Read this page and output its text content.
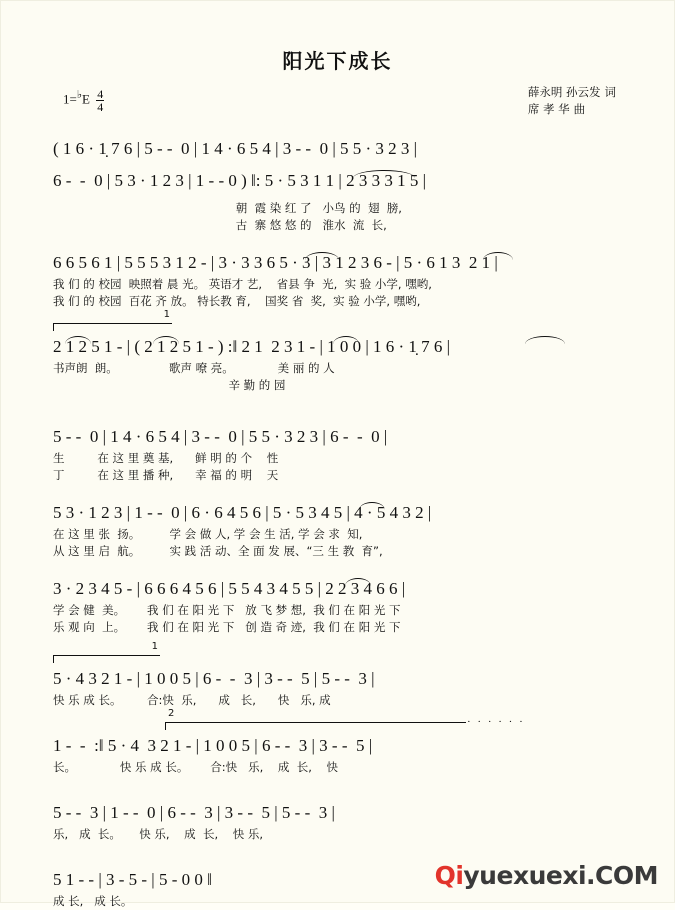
阳光下成长
$1=^♭E \frac{4}{4}$	薛永明 孙云发 词
席 孝 华 曲
( 1 6 · 1̣ 7 6 | 5 - -  0 | 1 4 · 6 5 4 | 3 - -  0 | 5 5 · 3 2 3 |
6 -  -  0 | 5 3 · 1 2 3 | 1 - - 0 ) ‖: 5 · 5 3 1 1 | 2 3 3 3 1 5 |
朝  霞 染 红 了   小鸟 的  翅  膀,
古  寨 悠 悠 的   淮水  流  长,
6 6 5 6 1 | 5 5 5 3 1 2 - | 3 · 3 3 6 5 · 3 | 3 1 2 3 6 - | 5 · 6 1 3  2 1 |
我 们 的 校园  映照着 晨 光。 英语才 艺,    省县 争  光,  实 验 小学, 嘿哟,
我 们 的 校园  百花 齐 放。 特长教 育,    国奖 省  奖,  实 验 小学, 嘿哟,
1
2 1 2 5 1 - | ( 2 1 2 5 1 - ) :‖ 2 1  2 3 1 - | 1 0 0 | 1 6 · 1̣ 7 6 |
书声朗  朗。              歌声 嘹 亮。            美 丽 的 人
辛 勤 的 园
5 - -  0 | 1 4 · 6 5 4 | 3 - -  0 | 5 5 · 3 2 3 | 6 -  -  0 |
生         在 这 里 奠 基,      鲜 明 的 个    性
丁         在 这 里 播 种,      幸 福 的 明    天
5 3 · 1 2 3 | 1 - -  0 | 6 · 6 4 5 6 | 5 · 5 3 4 5 | 4 · 5 4 3 2 |
在 这 里 张  扬。        学 会 做 人, 学 会 生 活, 学 会 求  知,
从 这 里 启  航。        实 践 活 动、全 面 发 展、“三 生 教  育”,
3 · 2 3 4 5 - | 6 6 6 4 5 6 | 5 5 4 3 4 5 5 | 2 2 3 4 6 6 |
学 会 健  美。      我 们 在 阳 光 下   放 飞 梦 想,  我 们 在 阳 光 下
乐 观 向  上。      我 们 在 阳 光 下   创 造 奇 迹,  我 们 在 阳 光 下
1
5 · 4 3 2 1 - | 1 0 0 5 | 6 -  -  3 | 3 - -  5 | 5 - -  3 |
快 乐 成 长。       合:快  乐,      成   长,      快   乐, 成
2
· · · · · ·
1 -  -  :‖ 5 · 4  3 2 1 - | 1 0 0 5 | 6 - -  3 | 3 - -  5 |
长。            快 乐 成 长。      合:快   乐,    成  长,    快
5 - -  3 | 1 - -  0 | 6 - -  3 | 3 - -  5 | 5 - -  3 |
乐,   成  长。     快 乐,    成  长,    快 乐,
5 1 - - | 3 - 5 - | 5 - 0 0 ‖
成 长,   成 长。
Qiyuexuexi.COM
